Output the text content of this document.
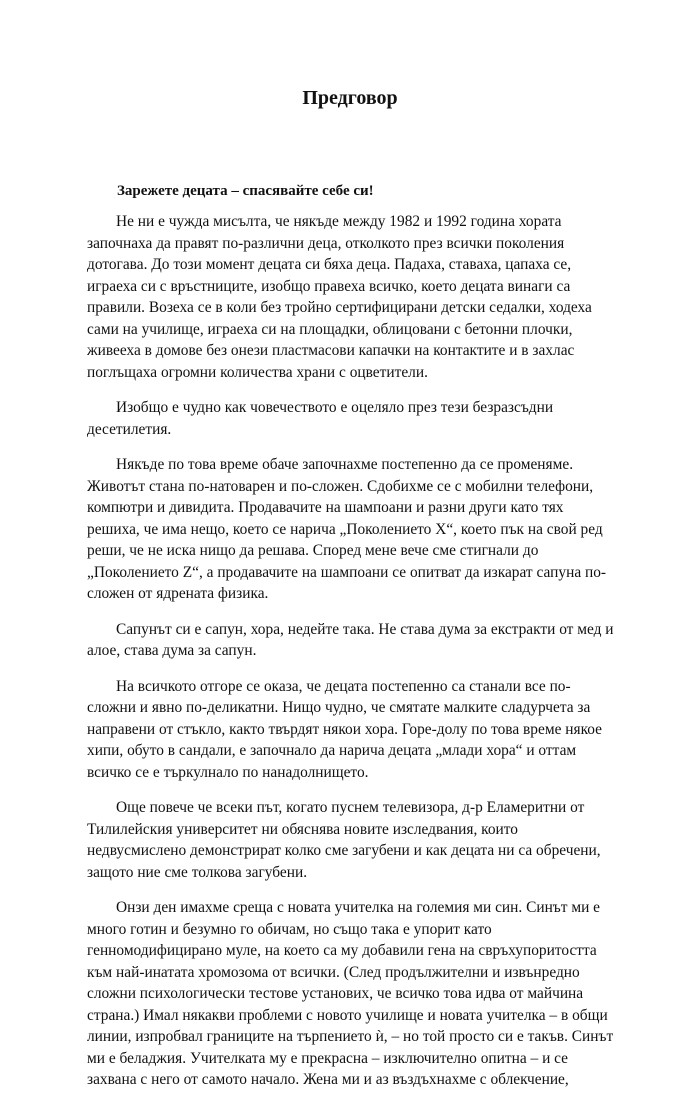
Предговор
Зарежете децата – спасявайте себе си!

Не ни е чужда мисълта, че някъде между 1982 и 1992 година хората започнаха да правят по-различни деца, отколкото през всички поколения дотогава. До този момент децата си бяха деца. Падаха, ставаха, цапаха се, играеха си с връстниците, изобщо правеха всичко, което децата винаги са правили. Возеха се в коли без тройно сертифицирани детски седалки, ходеха сами на училище, играеха си на площадки, облицовани с бетонни плочки, живееха в домове без онези пластмасови капачки на контактите и в захлас поглъщаха огромни количества храни с оцветители.

Изобщо е чудно как човечеството е оцеляло през тези безразсъдни десетилетия.

Някъде по това време обаче започнахме постепенно да се променяме. Животът стана по-натоварен и по-сложен. Сдобихме се с мобилни телефони, компютри и дивидита. Продавачите на шампоани и разни други като тях решиха, че има нещо, което се нарича „Поколението X“, което пък на свой ред реши, че не иска нищо да решава. Според мене вече сме стигнали до „Поколението Z“, а продавачите на шампоани се опитват да изкарат сапуна по-сложен от ядрената физика.

Сапунът си е сапун, хора, недейте така. Не става дума за екстракти от мед и алое, става дума за сапун.

На всичкото отгоре се оказа, че децата постепенно са станали все по-сложни и явно по-деликатни. Нищо чудно, че смятате малките сладурчета за направени от стъкло, както твърдят някои хора. Горе-долу по това време някое хипи, обуто в сандали, е започнало да нарича децата „млади хора“ и оттам всичко се е търкулнало по нанадолнището.

Още повече че всеки път, когато пуснем телевизора, д-р Еламеритни от Тилилейския университет ни обяснява новите изследвания, които недвусмислено демонстрират колко сме загубени и как децата ни са обречени, защото ние сме толкова загубени.

Онзи ден имахме среща с новата учителка на големия ми син. Синът ми е много готин и безумно го обичам, но също така е упорит като генномодифицирано муле, на което са му добавили гена на свръхупоритостта към най-инатата хромозома от всички. (След продължителни и извънредно сложни психологически тестове установих, че всичко това идва от майчина страна.) Имал някакви проблеми с новото училище и новата учителка – в общи линии, изпробвал границите на търпението ѝ, – но той просто си е такъв. Синът ми е беладжия. Учителката му е прекрасна – изключително опитна – и се захвана с него от самото начало. Жена ми и аз въздъхнахме с облекчение,
